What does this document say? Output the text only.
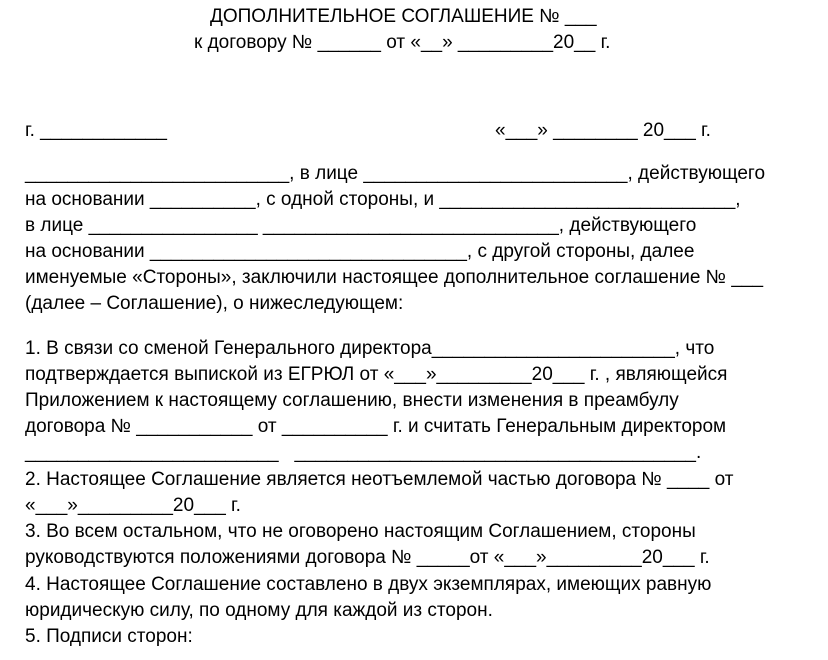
ДОПОЛНИТЕЛЬНОЕ СОГЛАШЕНИЕ № ___
к договору № ______ от «__» _________20__ г.
г. ____________	«___» ________ 20___ г.
_________________________, в лице _________________________, действующего
на основании __________, с одной стороны, и ____________________________,
в лице ________________ ____________________________, действующего
на основании ______________________________, с другой стороны, далее
именуемые «Стороны», заключили настоящее дополнительное соглашение № ___
(далее – Соглашение), о нижеследующем:
1. В связи со сменой Генерального директора_______________________, что
подтверждается выпиской из ЕГРЮЛ от «___»_________20___ г. , являющейся
Приложением к настоящему соглашению, внести изменения в преамбулу
договора № ___________ от __________ г. и считать Генеральным директором
________________________   ______________________________________.
2. Настоящее Соглашение является неотъемлемой частью договора № ____ от
«___»_________20___ г.
3. Во всем остальном, что не оговорено настоящим Соглашением, стороны
руководствуются положениями договора № _____от «___»_________20___ г.
4. Настоящее Соглашение составлено в двух экземплярах, имеющих равную
юридическую силу, по одному для каждой из сторон.
5. Подписи сторон:
